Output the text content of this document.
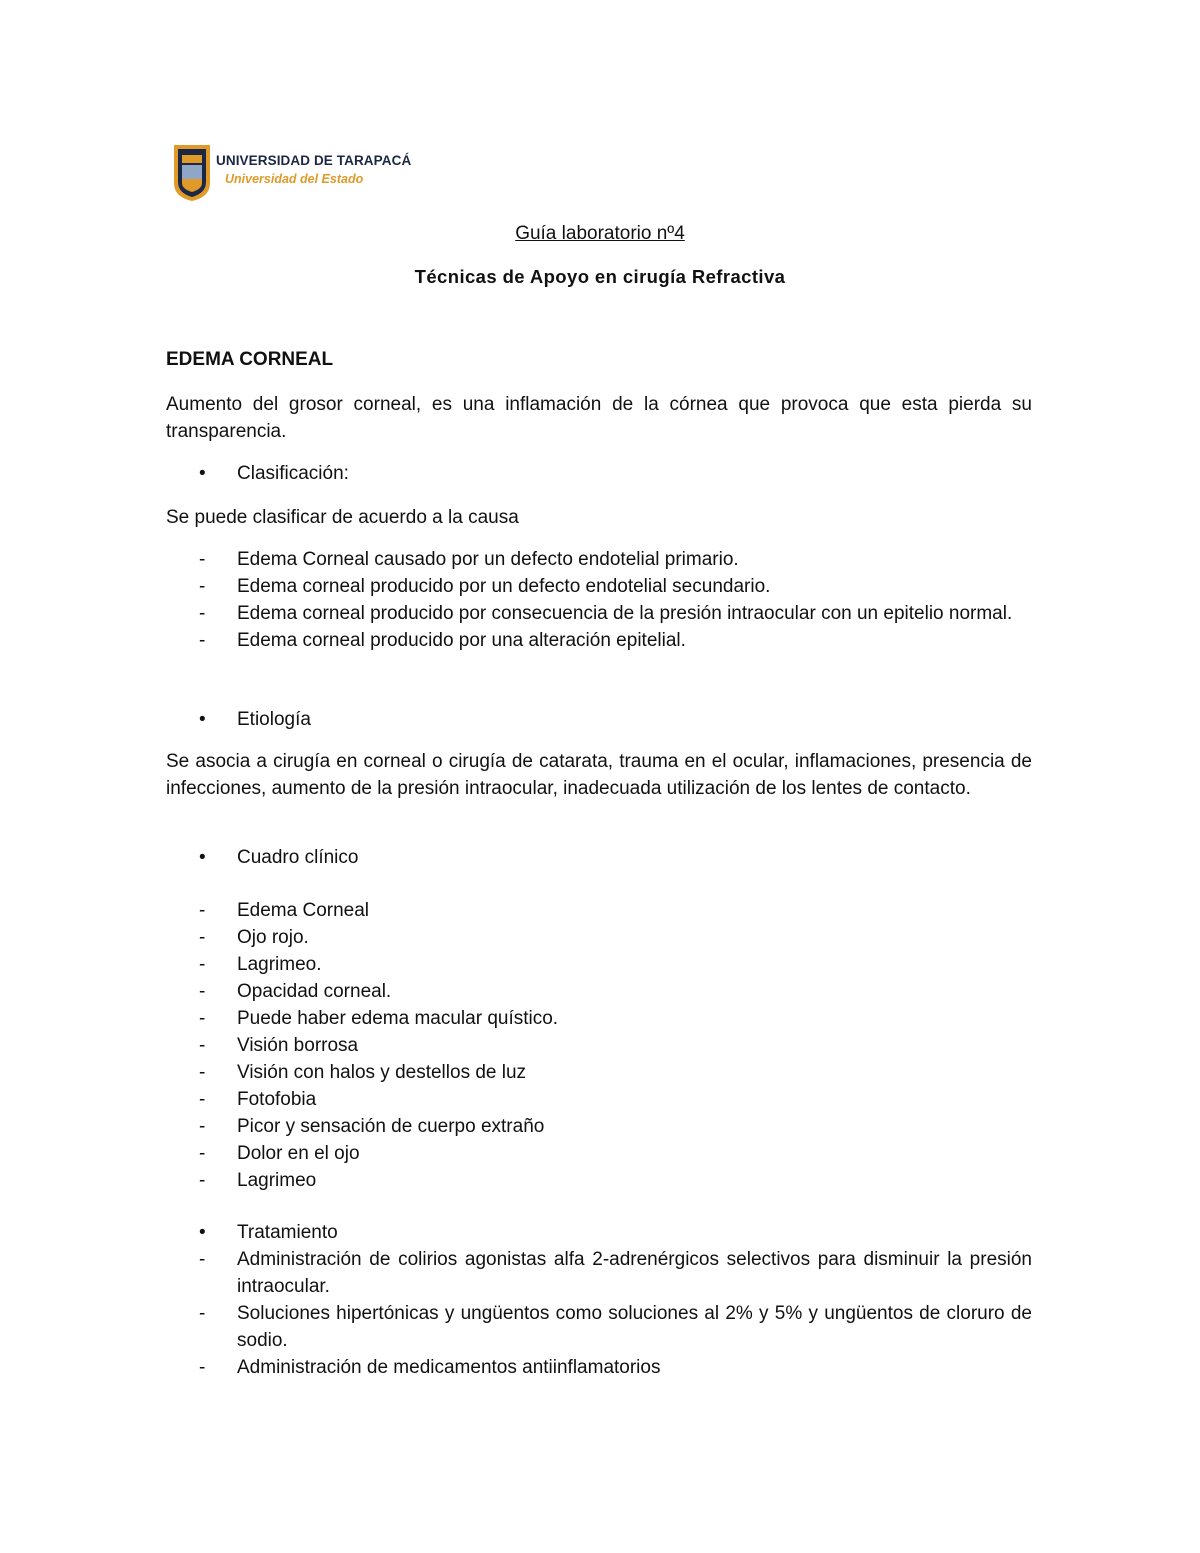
UNIVERSIDAD DE TARAPACÁ
Universidad del Estado
Guía laboratorio nº4
Técnicas de Apoyo en cirugía Refractiva
EDEMA CORNEAL
Aumento del grosor corneal, es una inflamación de la córnea que provoca que esta pierda su transparencia.
•	Clasificación:
Se puede clasificar de acuerdo a la causa
- Edema Corneal causado por un defecto endotelial primario.
- Edema corneal producido por un defecto endotelial secundario.
- Edema corneal producido por consecuencia de la presión intraocular con un epitelio normal.
- Edema corneal producido por una alteración epitelial.
•	Etiología
Se asocia a cirugía en corneal o cirugía de catarata, trauma en el ocular, inflamaciones, presencia de infecciones, aumento de la presión intraocular, inadecuada utilización de los lentes de contacto.
•	Cuadro clínico
- Edema Corneal
- Ojo rojo.
- Lagrimeo.
- Opacidad corneal.
- Puede haber edema macular quístico.
- Visión borrosa
- Visión con halos y destellos de luz
- Fotofobia
- Picor y sensación de cuerpo extraño
- Dolor en el ojo
- Lagrimeo
•	Tratamiento
- Administración de colirios agonistas alfa 2-adrenérgicos selectivos para disminuir la presión intraocular.
- Soluciones hipertónicas y ungüentos como soluciones al 2% y 5% y ungüentos de cloruro de sodio.
- Administración de medicamentos antiinflamatorios
